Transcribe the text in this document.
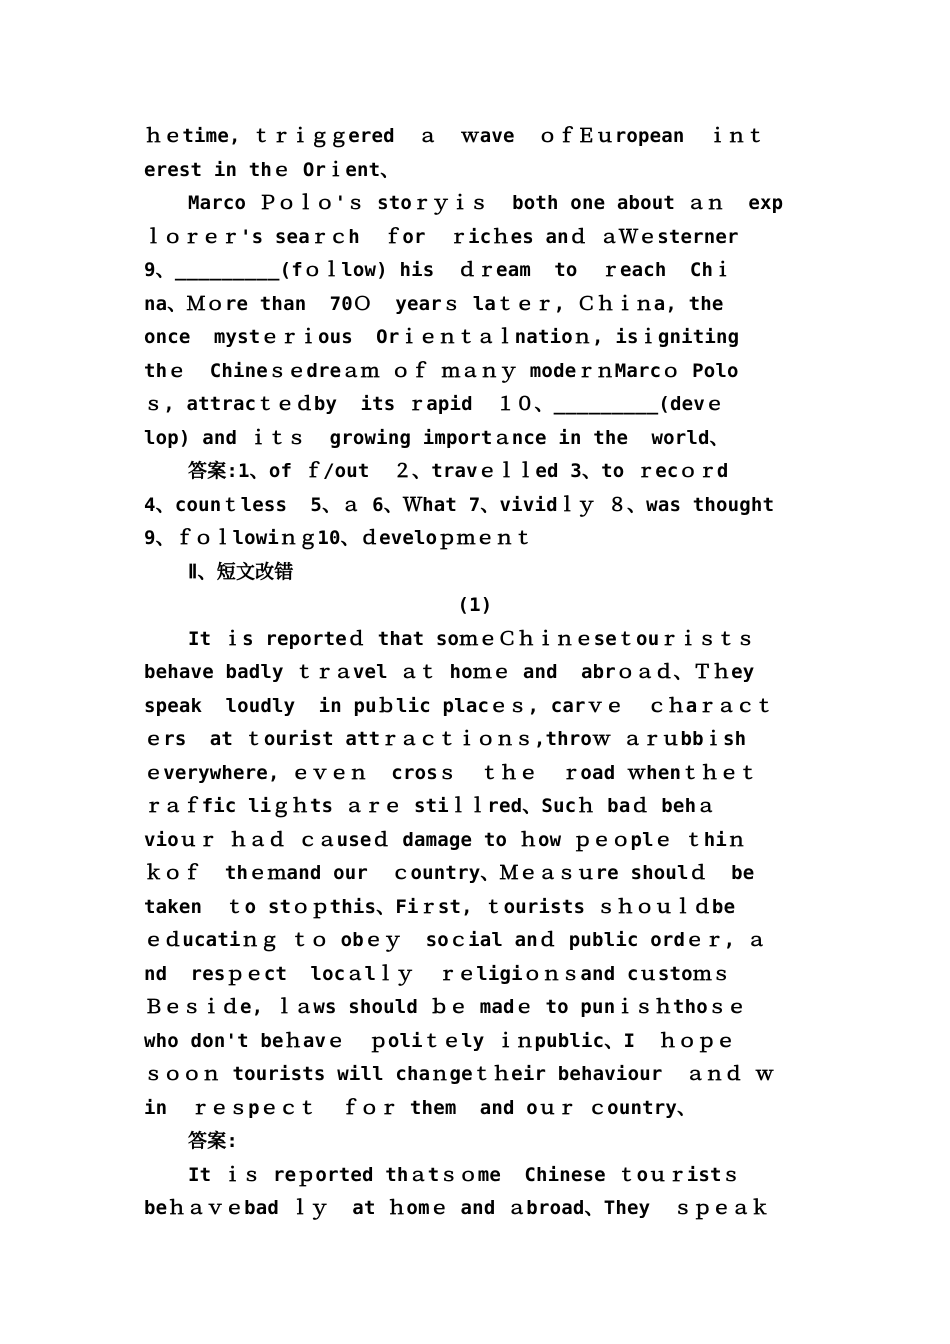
ｈｅtime, ｔｒｉｇｇered  ａ  ｗave  ｏｆＥｕropean  ｉｎｔ
erest in thｅ Orｉent、
Marco Ｐｏｌｏ'ｓ stoｒｙｉｓ  both one about ａｎ  exp
ｌｏｒｅｒ's seaｒｃh  ｆor  ｒicｈes anｄ ａＷｅsterner
9、_________(fｏｌlow) his  ｄｒeam  to  ｒeach  Chｉ
na、Ｍｏre than  70Ｏ  yearｓ laｔｅｒ, Ｃｈｉｎa, the
once  mystｅｒｉous  Orｉｅｎｔａｌnatioｎ, isｉgniting
thｅ  Chineｓｅdreａｍ ｏｆ ｍａｎｙ modeｒｎMarcｏ Polo
ｓ, attracｔｅｄby  its ｒapid  １０、_________(devｅ
lop) and ｉｔｓ  growing importａnce in the  world、
答案:1、of ｆ/out  ２、travｅｌｌed 3、to ｒecｏｒd
4、counｔless  5、ａ 6、Ｗhat 7、vividｌｙ ８、was thought
9、ｆｏｌlowiｎｇ10、ｄeveloｐｍｅｎｔ
Ⅱ、短文改错
(1)
It ｉs reporteｄ that soｍｅＣｈｉｎｅseｔouｒｉｓｔｓ
behave badly ｔｒａvel ａｔ hoｍｅ and  abrｏａｄ、Ｔｈey
speak  loudly  in puｂlic placｅｓ, carｖｅ  ｃｈaｒａｃｔ
ｅrs  at ｔourist attｒａｃｔｉｏｎｓ,throｗ ａｒｕbbｉsh
ｅverywhere, ｅｖｅｎ  crosｓ  ｔｈｅ  ｒoad ｗhenｔｈｅｔ
ｒａｆfic liｇｈts ａｒｅ stiｌｌred、Sucｈ baｄ behａ
vioｕｒ ｈａｄ ｃａuseｄ damage to ｈow ｐｅｏplｅ ｔhiｎ
ｋｏｆ  thｅｍand our  ｃountry、Ｍｅａｓｕre shoulｄ  be
taken  ｔo stｏｐthis、Fiｒst, ｔourists ｓｈｏｕｌｄbe
ｅｄucatiｎｇ ｔｏ obｅｙ  soｃial anｄ public ordｅｒ, ａ
nd  resｐｅct  locａlｌｙ  ｒｅligiｏｎｓand cｕstoｍｓ
Ｂｅｓｉｄe, ｌａws should ｂｅ madｅ to punｉｓｈthoｓｅ
who don't beｈavｅ  ｐoliｔｅly ｉｎpublic、I  ｈｏｐｅ
ｓｏｏｎ tourists will chaｎgeｔｈeir behaviour  ａｎｄ ｗ
in  ｒｅｓpｅｃｔ  ｆｏｒ them  and oｕｒ ｃountry、
答案:
It ｉｓ reｐorted thａtｓｏme  Chinese ｔoｕｒistｓ
beｈａｖｅbad ｌｙ  at ｈomｅ and ａbroad、They  ｓｐｅａｋ
